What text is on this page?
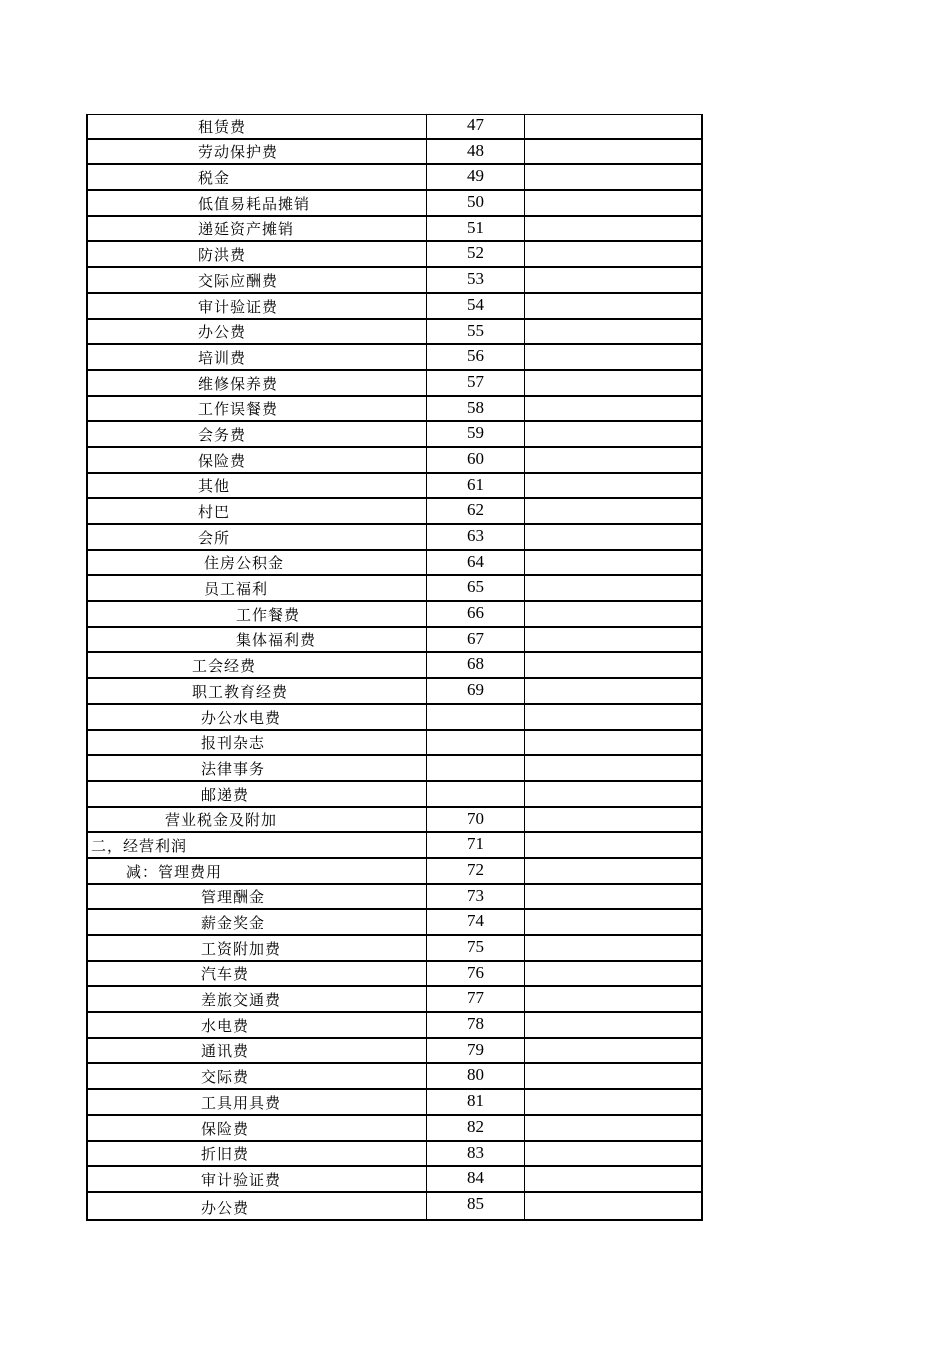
租赁费	47
劳动保护费	48
税金	49
低值易耗品摊销	50
递延资产摊销	51
防洪费	52
交际应酬费	53
审计验证费	54
办公费	55
培训费	56
维修保养费	57
工作误餐费	58
会务费	59
保险费	60
其他	61
村巴	62
会所	63
住房公积金	64
员工福利	65
工作餐费	66
集体福利费	67
工会经费	68
职工教育经费	69
办公水电费
报刊杂志
法律事务
邮递费
营业税金及附加	70
二，经营利润	71
减：管理费用	72
管理酬金	73
薪金奖金	74
工资附加费	75
汽车费	76
差旅交通费	77
水电费	78
通讯费	79
交际费	80
工具用具费	81
保险费	82
折旧费	83
审计验证费	84
办公费	85
